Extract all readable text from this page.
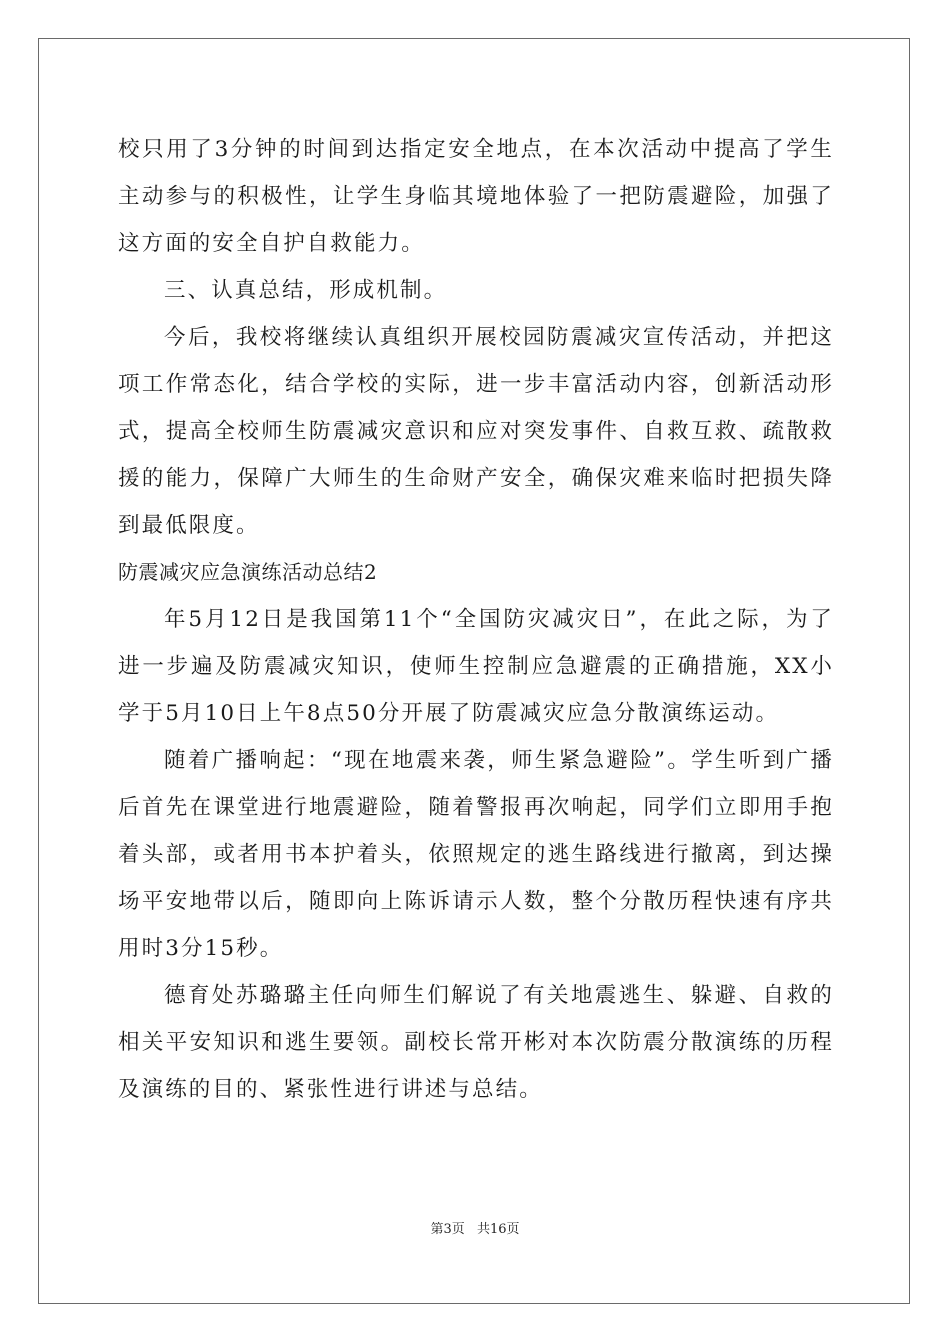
校只用了3分钟的时间到达指定安全地点，在本次活动中提高了学生主动参与的积极性，让学生身临其境地体验了一把防震避险，加强了这方面的安全自护自救能力。

三、认真总结，形成机制。

今后，我校将继续认真组织开展校园防震减灾宣传活动，并把这项工作常态化，结合学校的实际，进一步丰富活动内容，创新活动形式，提高全校师生防震减灾意识和应对突发事件、自救互救、疏散救援的能力，保障广大师生的生命财产安全，确保灾难来临时把损失降到最低限度。

防震减灾应急演练活动总结2

年5月12日是我国第11个“全国防灾减灾日”，在此之际，为了进一步遍及防震减灾知识，使师生控制应急避震的正确措施，XX小学于5月10日上午8点50分开展了防震减灾应急分散演练运动。

随着广播响起：“现在地震来袭，师生紧急避险”。学生听到广播后首先在课堂进行地震避险，随着警报再次响起，同学们立即用手抱着头部，或者用书本护着头，依照规定的逃生路线进行撤离，到达操场平安地带以后，随即向上陈诉请示人数，整个分散历程快速有序共用时3分15秒。

德育处苏璐璐主任向师生们解说了有关地震逃生、躲避、自救的相关平安知识和逃生要领。副校长常开彬对本次防震分散演练的历程及演练的目的、紧张性进行讲述与总结。

第3页 共16页
